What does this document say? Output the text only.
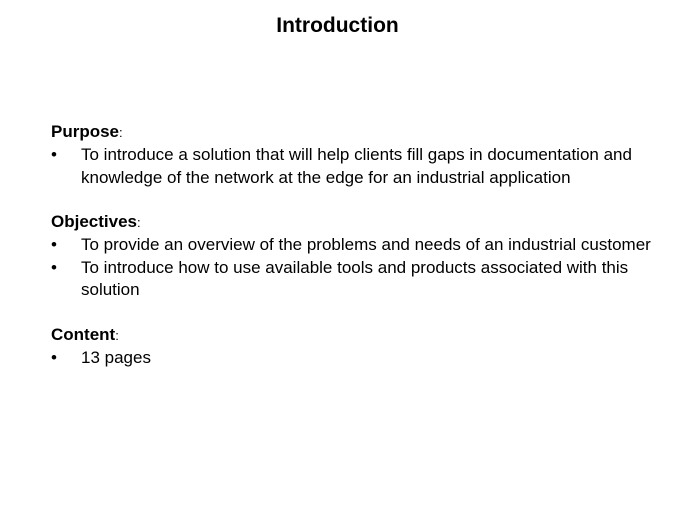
Introduction
Purpose:
• To introduce a solution that will help clients fill gaps in documentation and knowledge of the network at the edge for an industrial application
Objectives:
• To provide an overview of the problems and needs of an industrial customer
• To introduce how to use available tools and products associated with this solution
Content:
• 13 pages
